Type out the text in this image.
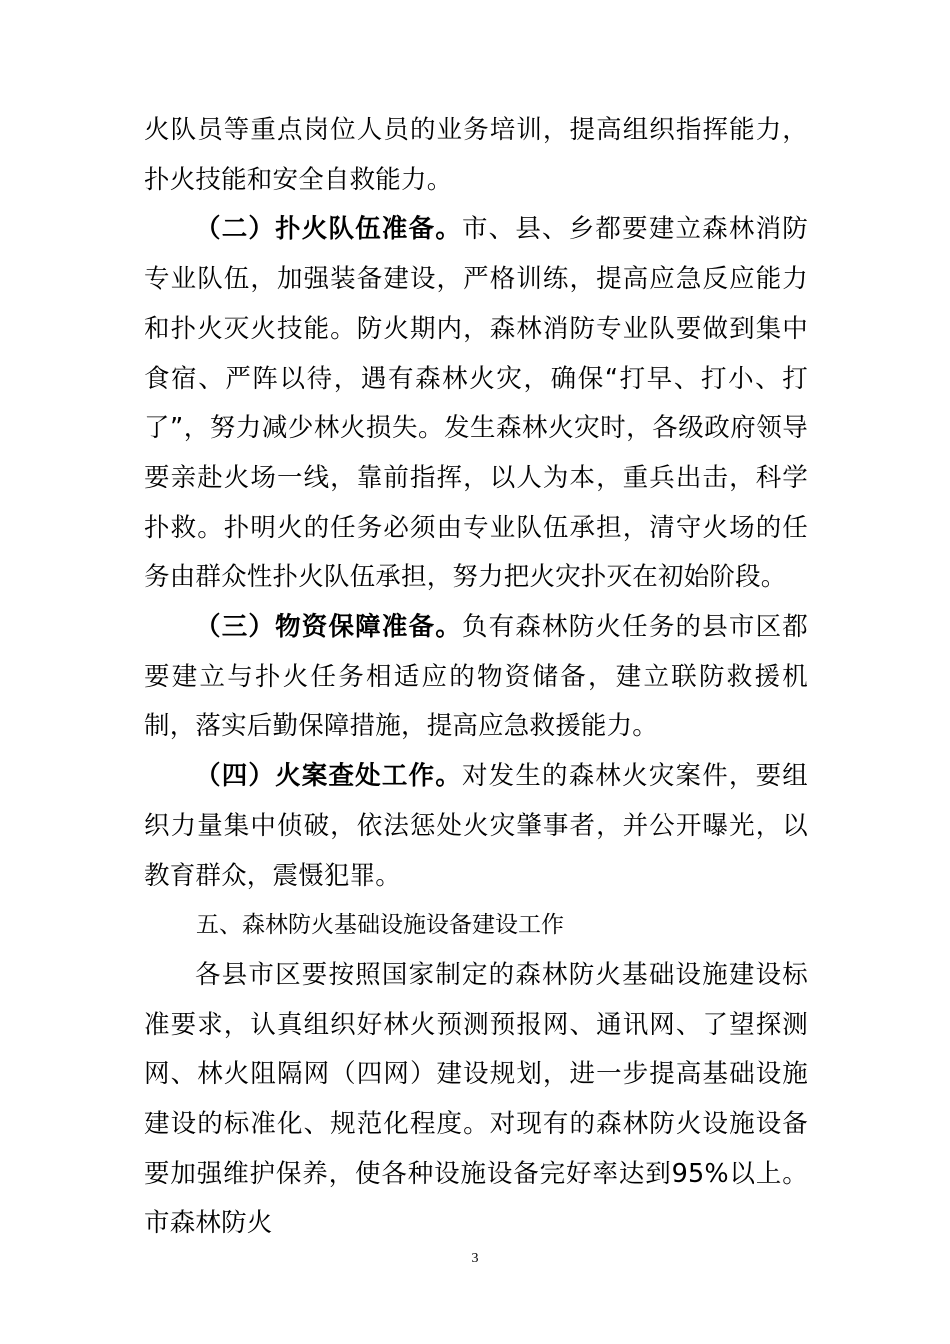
火队员等重点岗位人员的业务培训，提高组织指挥能力，扑火技能和安全自救能力。

（二）扑火队伍准备。市、县、乡都要建立森林消防专业队伍，加强装备建设，严格训练，提高应急反应能力和扑火灭火技能。防火期内，森林消防专业队要做到集中食宿、严阵以待，遇有森林火灾，确保“打早、打小、打了”，努力减少林火损失。发生森林火灾时，各级政府领导要亲赴火场一线，靠前指挥，以人为本，重兵出击，科学扑救。扑明火的任务必须由专业队伍承担，清守火场的任务由群众性扑火队伍承担，努力把火灾扑灭在初始阶段。

（三）物资保障准备。负有森林防火任务的县市区都要建立与扑火任务相适应的物资储备，建立联防救援机制，落实后勤保障措施，提高应急救援能力。

（四）火案查处工作。对发生的森林火灾案件，要组织力量集中侦破，依法惩处火灾肇事者，并公开曝光，以教育群众，震慑犯罪。

五、森林防火基础设施设备建设工作

各县市区要按照国家制定的森林防火基础设施建设标准要求，认真组织好林火预测预报网、通讯网、了望探测网、林火阻隔网（四网）建设规划，进一步提高基础设施建设的标准化、规范化程度。对现有的森林防火设施设备要加强维护保养，使各种设施设备完好率达到95%以上。市森林防火

3
